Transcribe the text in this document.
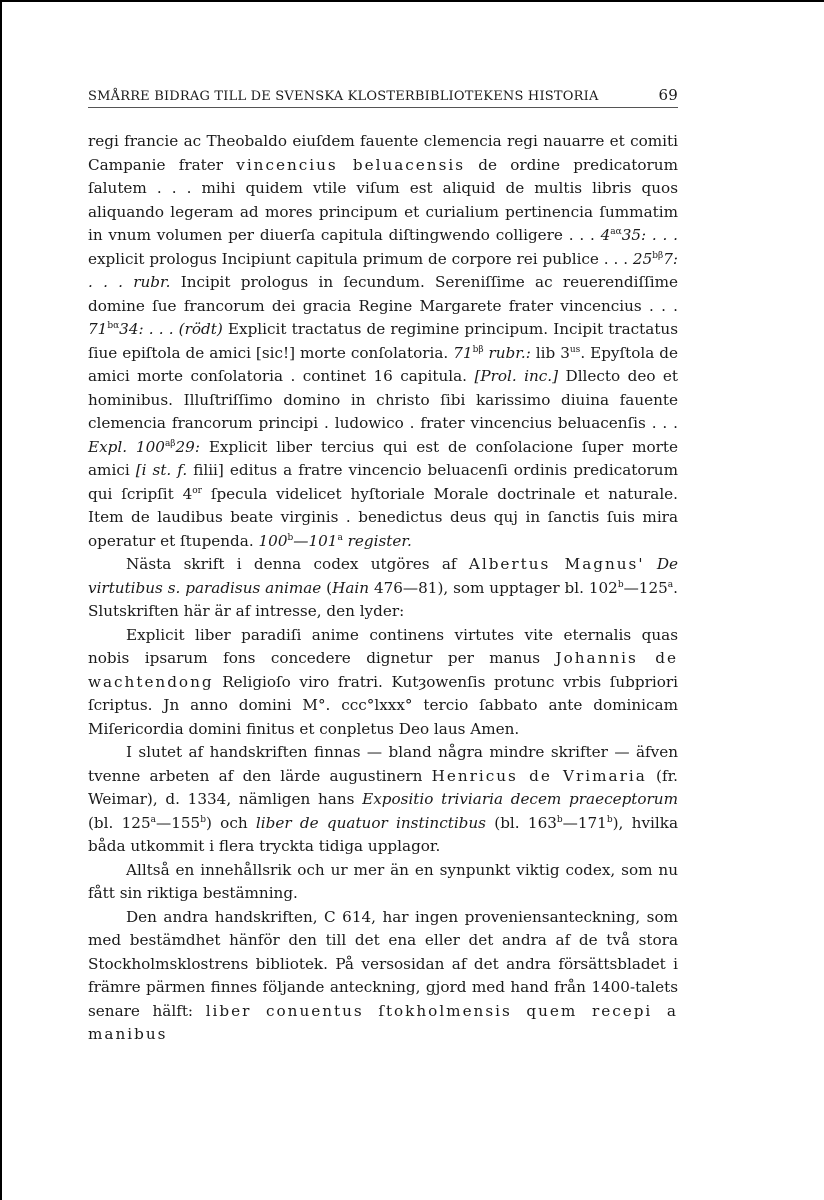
SMÅRRE BIDRAG TILL DE SVENSKA KLOSTERBIBLIOTEKENS HISTORIA	69

regi francie ac Theobaldo eiuſdem fauente clemencia regi nauarre et comiti Campanie frater vincencius beluacensis de ordine predicatorum ſalutem . . . mihi quidem vtile viſum est aliquid de multis libris quos aliquando legeram ad mores principum et curialium pertinencia ſummatim in vnum volumen per diuerſa capitula diſtingwendo colligere . . . $4^{a\alpha}35$: . . . explicit prologus Incipiunt capitula primum de corpore rei publice . . . $25^{b\beta}7$: . . . rubr. Incipit prologus in ſecundum. Sereniſſime ac reuerendiſſime domine ſue francorum dei gracia Regine Margarete frater vincencius . . . $71^{b\alpha}34$: . . . (rödt) Explicit tractatus de regimine principum. Incipit tractatus ſiue epiſtola de amici [sic!] morte conſolatoria. $71^{b\beta}$ rubr.: lib $3^{us}$. Epyſtola de amici morte conſolatoria . continet 16 capitula. [Prol. inc.] Dllecto deo et hominibus. Illuſtriſſimo domino in christo ſibi karissimo diuina fauente clemencia francorum principi . ludowico . frater vincencius beluacenſis . . . Expl. $100^{a\beta}29$: Explicit liber tercius qui est de conſolacione ſuper morte amici [i st. f. filii] editus a fratre vincencio beluacenſi ordinis predicatorum qui ſcripſit $4^{or}$ ſpecula videlicet hyſtoriale Morale doctrinale et naturale. Item de laudibus beate virginis . benedictus deus quj in ſanctis ſuis mira operatur et ſtupenda. 100$^b$—101$^a$ register.

Nästa skrift i denna codex utgöres af Albertus Magnus' De virtutibus s. paradisus animae (Hain 476—81), som upptager bl. 102$^b$—125$^a$. Slutskriften här är af intresse, den lyder:

Explicit liber paradiſi anime continens virtutes vite eternalis quas nobis ipsarum fons concedere dignetur per manus Johannis de wachtendong Religioſo viro fratri. Kutȝowenſis protunc vrbis ſubpriori ſcriptus. Jn anno domini M°. ccc°lxxx° tercio ſabbato ante dominicam Miſericordia domini finitus et conpletus Deo laus Amen.

I slutet af handskriften finnas — bland några mindre skrifter — äfven tvenne arbeten af den lärde augustinern Henricus de Vrimaria (fr. Weimar), d. 1334, nämligen hans Expositio triviaria decem praeceptorum (bl. 125$^a$—155$^b$) och liber de quatuor instinctibus (bl. 163$^b$—171$^b$), hvilka båda utkommit i flera tryckta tidiga upplagor.

Alltså en innehållsrik och ur mer än en synpunkt viktig codex, som nu fått sin riktiga bestämning.

Den andra handskriften, C 614, har ingen proveniensanteckning, som med bestämdhet hänför den till det ena eller det andra af de två stora Stockholmsklostrens bibliotek. På versosidan af det andra försättsbladet i främre pärmen finnes följande anteckning, gjord med hand från 1400-talets senare hälft: liber conuentus ſtokholmensis quem recepi a manibus
